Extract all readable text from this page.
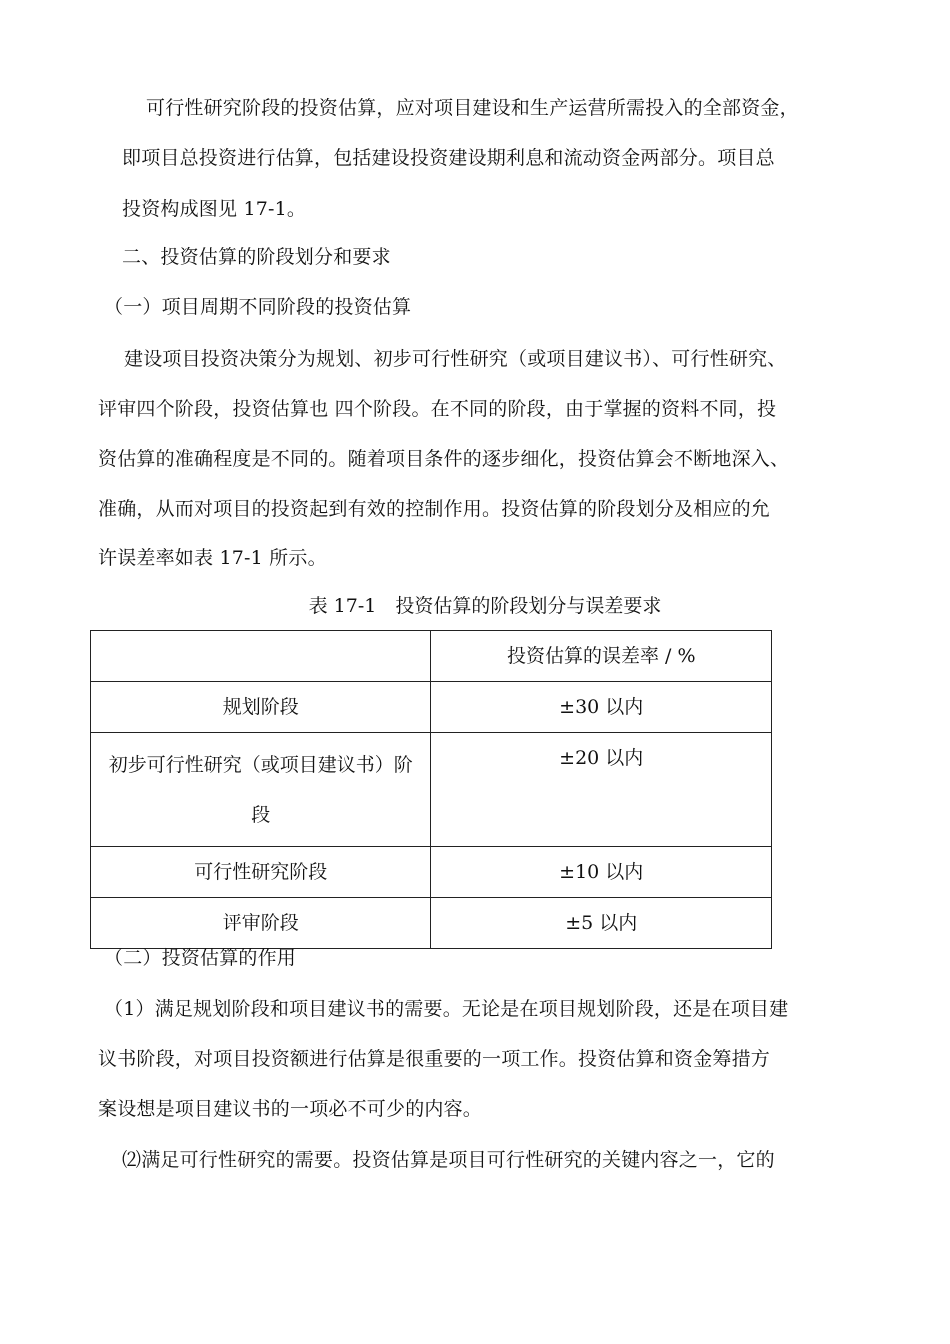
可行性研究阶段的投资估算，应对项目建设和生产运营所需投入的全部资金，
即项目总投资进行估算，包括建设投资建设期利息和流动资金两部分。项目总
投资构成图见 17-1。
二、投资估算的阶段划分和要求
（一）项目周期不同阶段的投资估算
建设项目投资决策分为规划、初步可行性研究（或项目建议书）、可行性研究、
评审四个阶段，投资估算也 四个阶段。在不同的阶段，由于掌握的资料不同，投
资估算的准确程度是不同的。随着项目条件的逐步细化，投资估算会不断地深入、
准确，从而对项目的投资起到有效的控制作用。投资估算的阶段划分及相应的允
许误差率如表 17-1 所示。
表 17-1　投资估算的阶段划分与误差要求
	投资估算的误差率 / %
规划阶段	±30 以内

初步可行性研究（或项目建议书）阶
段	±20 以内
可行性研究阶段	±10 以内
评审阶段	±5 以内
（二）投资估算的作用
（1）满足规划阶段和项目建议书的需要。无论是在项目规划阶段，还是在项目建
议书阶段，对项目投资额进行估算是很重要的一项工作。投资估算和资金筹措方
案设想是项目建议书的一项必不可少的内容。
⑵满足可行性研究的需要。投资估算是项目可行性研究的关键内容之一，它的
